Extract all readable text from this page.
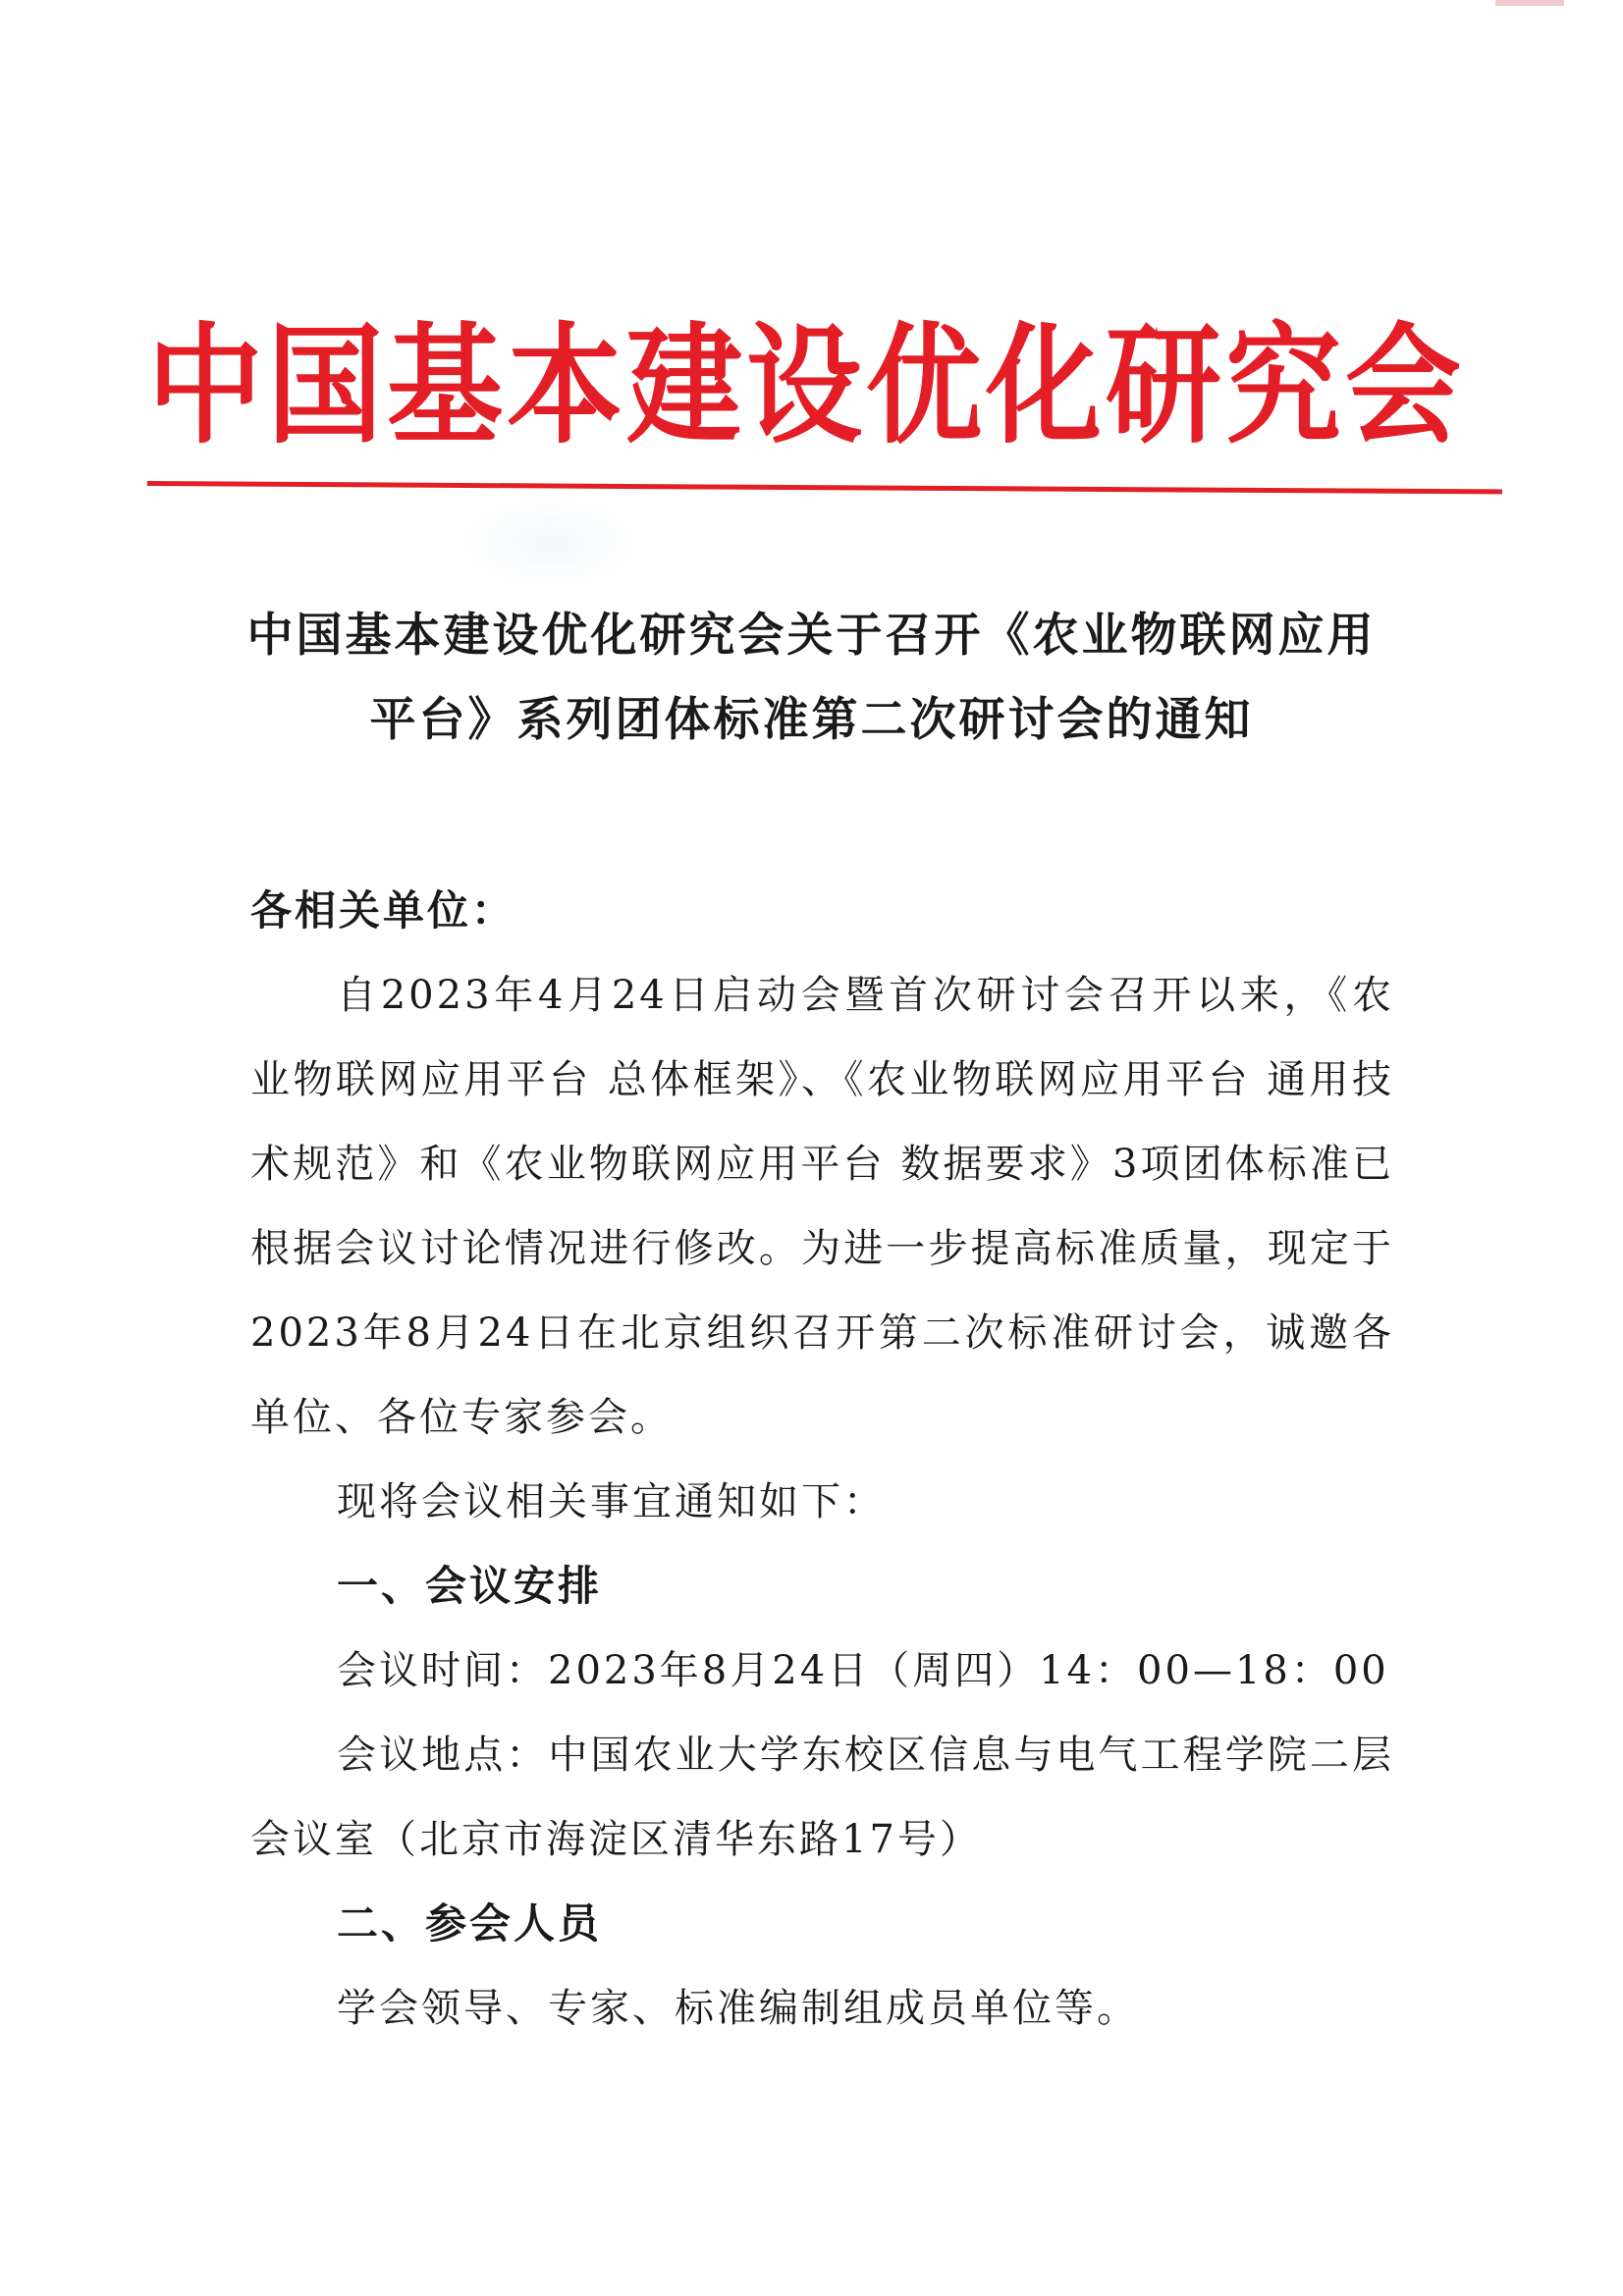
中国基本建设优化研究会
中国基本建设优化研究会关于召开《农业物联网应用
平台》系列团体标准第二次研讨会的通知

各相关单位：

自2023年4月24日启动会暨首次研讨会召开以来，《农业物联网应用平台 总体框架》、《农业物联网应用平台 通用技术规范》和《农业物联网应用平台 数据要求》3项团体标准已根据会议讨论情况进行修改。为进一步提高标准质量，现定于2023年8月24日在北京组织召开第二次标准研讨会，诚邀各单位、各位专家参会。

现将会议相关事宜通知如下：

一、会议安排

会议时间：2023年8月24日（周四）14：00—18：00

会议地点：中国农业大学东校区信息与电气工程学院二层会议室（北京市海淀区清华东路17号）

二、参会人员

学会领导、专家、标准编制组成员单位等。
